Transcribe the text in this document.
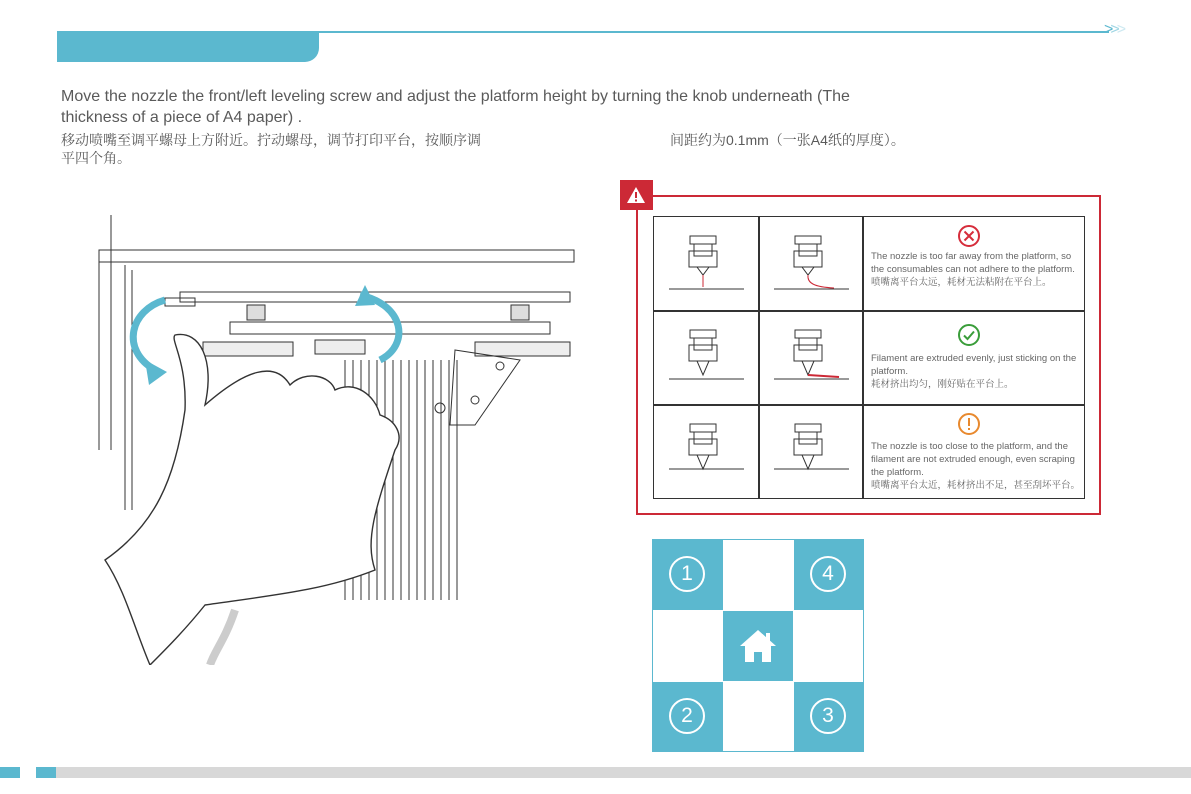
>>>
Move the nozzle the front/left leveling screw and adjust the platform height by turning the knob underneath (The thickness of a piece of A4 paper) .
移动喷嘴至调平螺母上方附近。拧动螺母，调节打印平台，按顺序调平四个角。
间距约为0.1mm（一张A4纸的厚度）。
The nozzle is too far away from the platform, so the consumables can not adhere to the platform.
喷嘴离平台太远，耗材无法粘附在平台上。
Filament are extruded evenly, just sticking on the platform.
耗材挤出均匀，刚好贴在平台上。
The nozzle is too close to the platform, and the filament are not extruded enough, even scraping the platform.
喷嘴离平台太近，耗材挤出不足，甚至刮坏平台。
1	4
2	3
